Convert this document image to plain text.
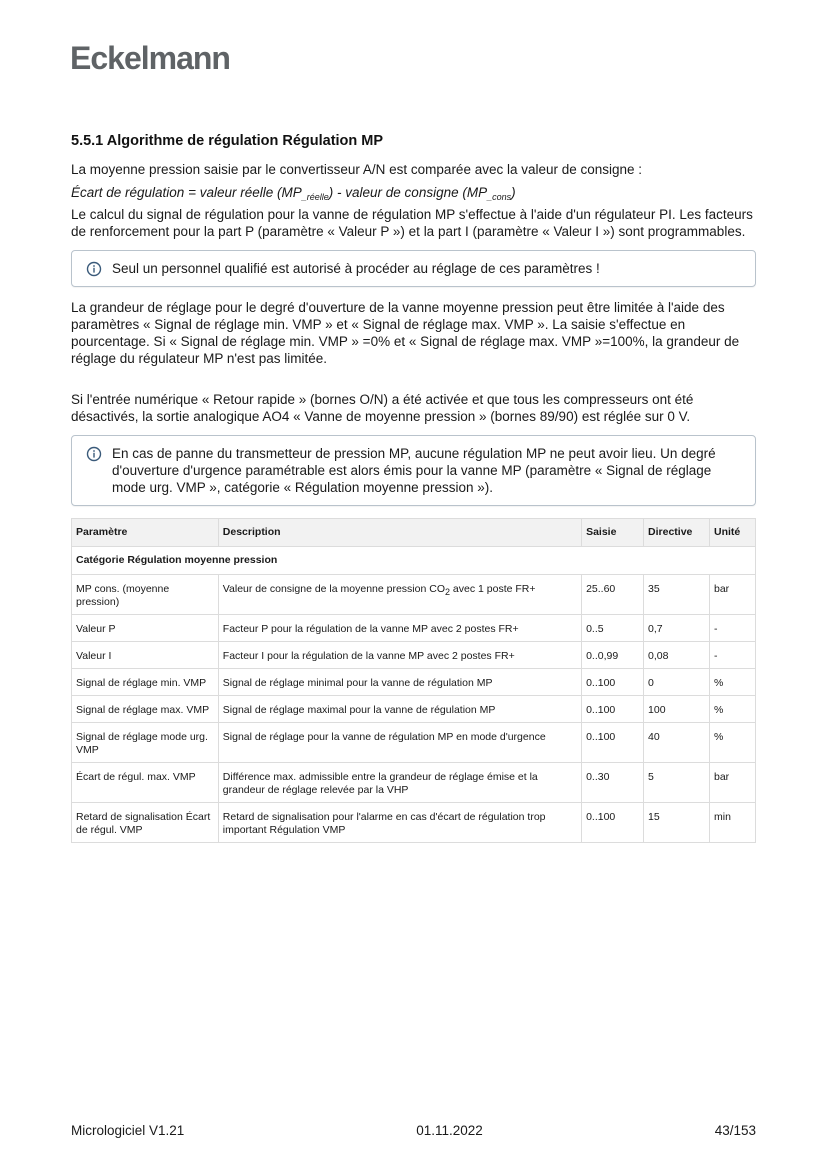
Eckelmann
5.5.1 Algorithme de régulation Régulation MP

La moyenne pression saisie par le convertisseur A/N est comparée avec la valeur de consigne :

Écart de régulation = valeur réelle $(MP_{\_réelle})$ - valeur de consigne $(MP_{\_cons})$

Le calcul du signal de régulation pour la vanne de régulation MP s'effectue à l'aide d'un régulateur PI. Les facteurs de renforcement pour la part P (paramètre « Valeur P ») et la part I (paramètre « Valeur I ») sont programmables.

Seul un personnel qualifié est autorisé à procéder au réglage de ces paramètres !

La grandeur de réglage pour le degré d'ouverture de la vanne moyenne pression peut être limitée à l'aide des paramètres « Signal de réglage min. VMP » et « Signal de réglage max. VMP ». La saisie s'effectue en pourcentage. Si « Signal de réglage min. VMP » =0% et « Signal de réglage max. VMP »=100%, la grandeur de réglage du régulateur MP n'est pas limitée.

Si l'entrée numérique « Retour rapide » (bornes O/N) a été activée et que tous les compresseurs ont été désactivés, la sortie analogique AO4 « Vanne de moyenne pression » (bornes 89/90) est réglée sur 0 V.

En cas de panne du transmetteur de pression MP, aucune régulation MP ne peut avoir lieu. Un degré d'ouverture d'urgence paramétrable est alors émis pour la vanne MP (paramètre « Signal de réglage mode urg. VMP », catégorie « Régulation moyenne pression »).
Paramètre	Description	Saisie	Directive	Unité
Catégorie Régulation moyenne pression				
MP cons. (moyenne pression)	Valeur de consigne de la moyenne pression $CO_2$ avec 1 poste FR+	25..60	35	bar
Valeur P	Facteur P pour la régulation de la vanne MP avec 2 postes FR+	0..5	0,7	-
Valeur I	Facteur I pour la régulation de la vanne MP avec 2 postes FR+	0..0,99	0,08	-
Signal de réglage min. VMP	Signal de réglage minimal pour la vanne de régulation MP	0..100	0	%
Signal de réglage max. VMP	Signal de réglage maximal pour la vanne de régulation MP	0..100	100	%
Signal de réglage mode urg. VMP	Signal de réglage pour la vanne de régulation MP en mode d'urgence	0..100	40	%
Écart de régul. max. VMP	Différence max. admissible entre la grandeur de réglage émise et la grandeur de réglage relevée par la VHP	0..30	5	bar
Retard de signalisation Écart de régul. VMP	Retard de signalisation pour l'alarme en cas d'écart de régulation trop important Régulation VMP	0..100	15	min
Micrologiciel V1.21	01.11.2022	43/153
